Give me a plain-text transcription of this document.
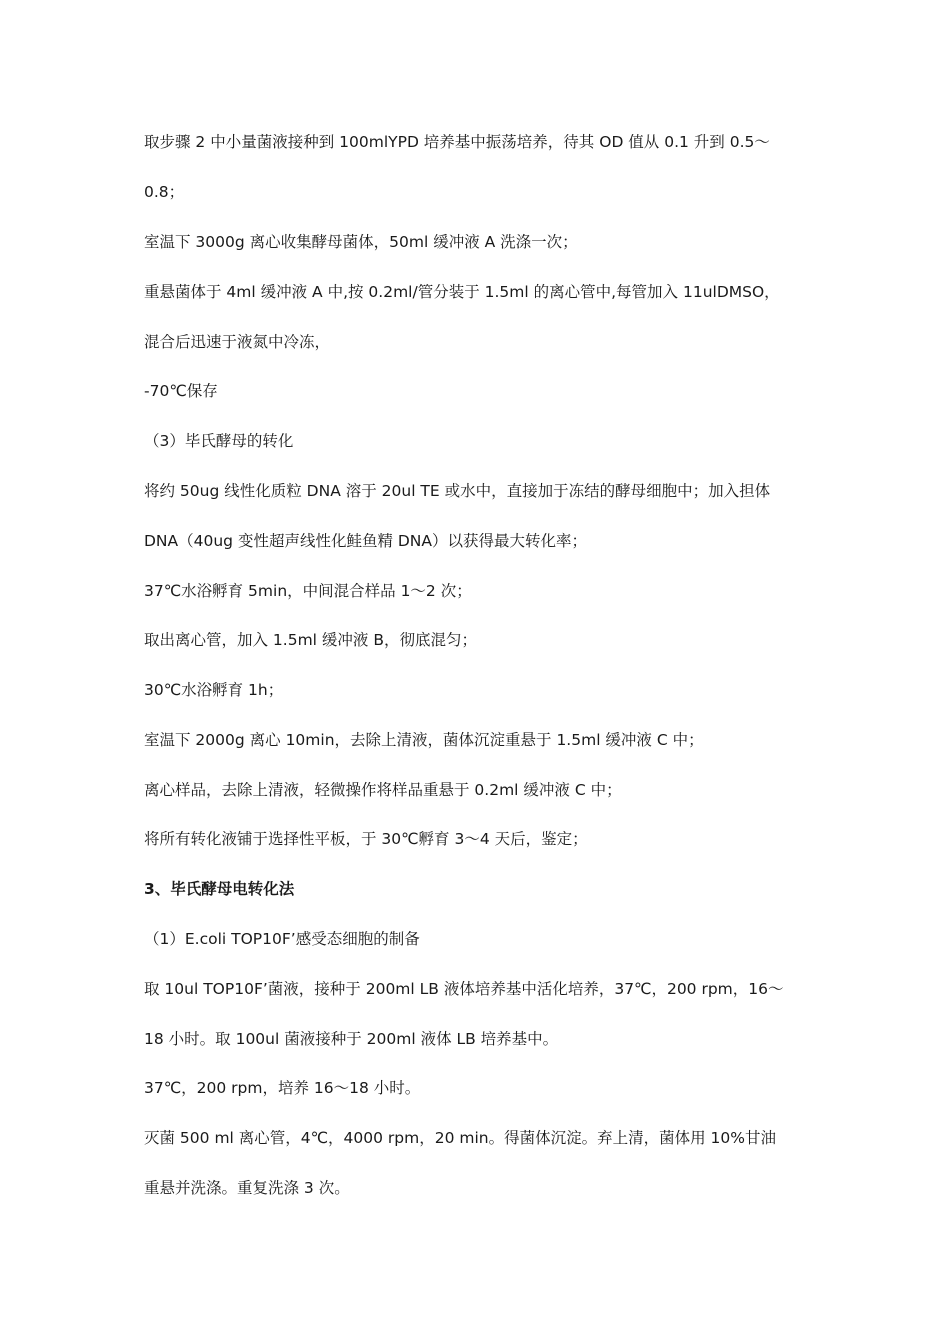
取步骤 2 中小量菌液接种到 100mlYPD 培养基中振荡培养，待其 OD 值从 0.1 升到 0.5～
0.8；
室温下 3000g 离心收集酵母菌体，50ml 缓冲液 A 洗涤一次；
重悬菌体于 4ml 缓冲液 A 中,按 0.2ml/管分装于 1.5ml 的离心管中,每管加入 11ulDMSO，
混合后迅速于液氮中冷冻，
-70℃保存
（3）毕氏酵母的转化
将约 50ug 线性化质粒 DNA 溶于 20ul TE 或水中，直接加于冻结的酵母细胞中；加入担体
DNA（40ug 变性超声线性化鲑鱼精 DNA）以获得最大转化率；
37℃水浴孵育 5min，中间混合样品 1～2 次；
取出离心管，加入 1.5ml 缓冲液 B，彻底混匀；
30℃水浴孵育 1h；
室温下 2000g 离心 10min，去除上清液，菌体沉淀重悬于 1.5ml 缓冲液 C 中；
离心样品，去除上清液，轻微操作将样品重悬于 0.2ml 缓冲液 C 中；
将所有转化液铺于选择性平板，于 30℃孵育 3～4 天后，鉴定；
3、毕氏酵母电转化法
（1）E.coli TOP10F’感受态细胞的制备
取 10ul TOP10F’菌液，接种于 200ml LB 液体培养基中活化培养，37℃，200 rpm，16～
18 小时。取 100ul 菌液接种于 200ml 液体 LB 培养基中。
37℃，200 rpm，培养 16～18 小时。
灭菌 500 ml 离心管，4℃，4000 rpm，20 min。得菌体沉淀。弃上清，菌体用 10%甘油
重悬并洗涤。重复洗涤 3 次。
